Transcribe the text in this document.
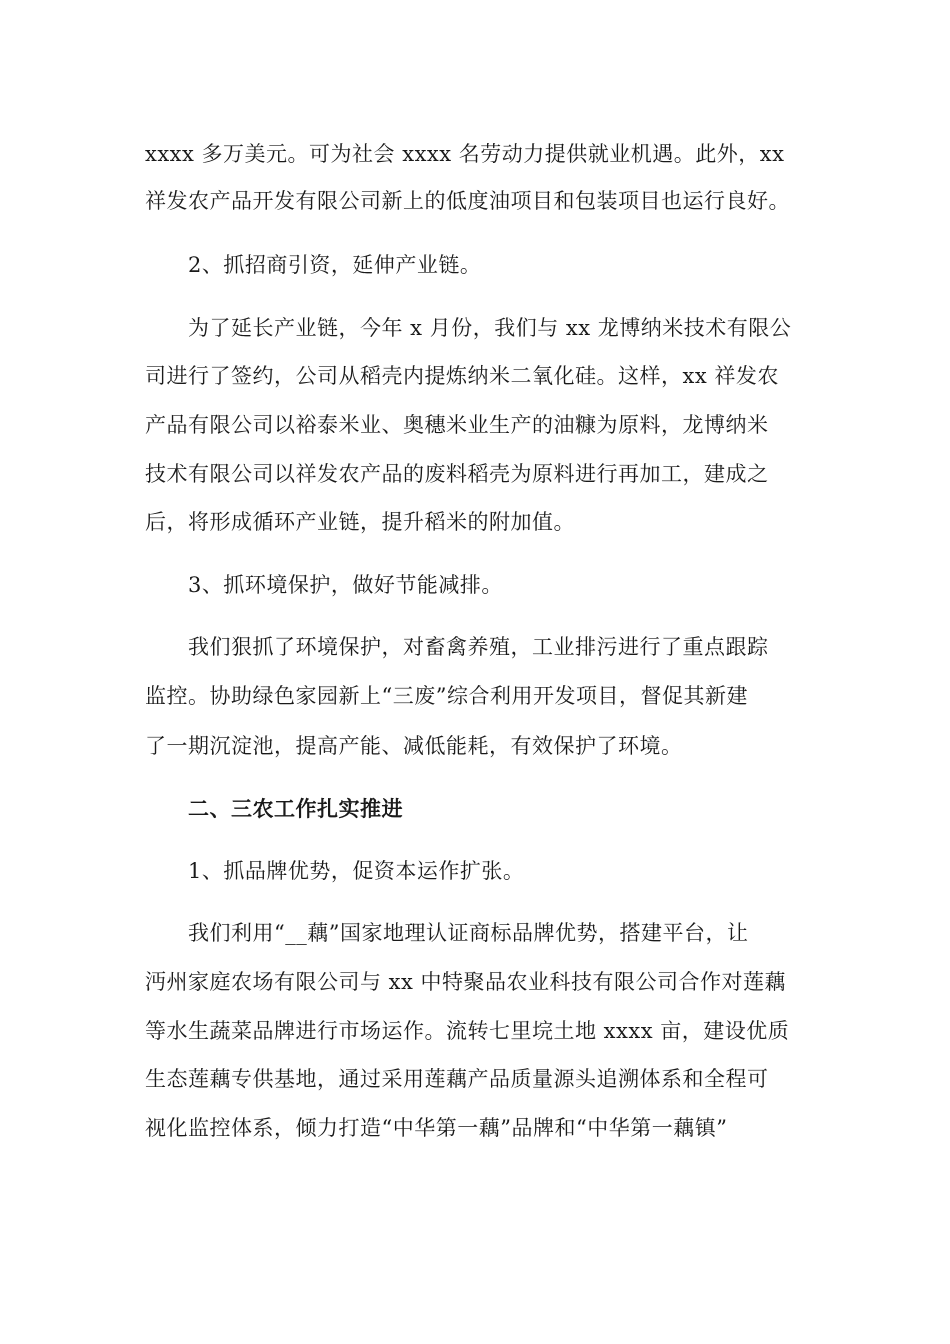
xxxx 多万美元。可为社会 xxxx 名劳动力提供就业机遇。此外，xx
祥发农产品开发有限公司新上的低度油项目和包装项目也运行良好。
2、抓招商引资，延伸产业链。
为了延长产业链，今年 x 月份，我们与 xx 龙博纳米技术有限公
司进行了签约，公司从稻壳内提炼纳米二氧化硅。这样，xx 祥发农
产品有限公司以裕泰米业、奥穗米业生产的油糠为原料，龙博纳米
技术有限公司以祥发农产品的废料稻壳为原料进行再加工，建成之
后，将形成循环产业链，提升稻米的附加值。
3、抓环境保护，做好节能减排。
我们狠抓了环境保护，对畜禽养殖，工业排污进行了重点跟踪
监控。协助绿色家园新上“三废”综合利用开发项目，督促其新建
了一期沉淀池，提高产能、减低能耗，有效保护了环境。
二、三农工作扎实推进
1、抓品牌优势，促资本运作扩张。
我们利用“__藕”国家地理认证商标品牌优势，搭建平台，让
沔州家庭农场有限公司与 xx 中特聚品农业科技有限公司合作对莲藕
等水生蔬菜品牌进行市场运作。流转七里垸土地 xxxx 亩，建设优质
生态莲藕专供基地，通过采用莲藕产品质量源头追溯体系和全程可
视化监控体系，倾力打造“中华第一藕”品牌和“中华第一藕镇”
